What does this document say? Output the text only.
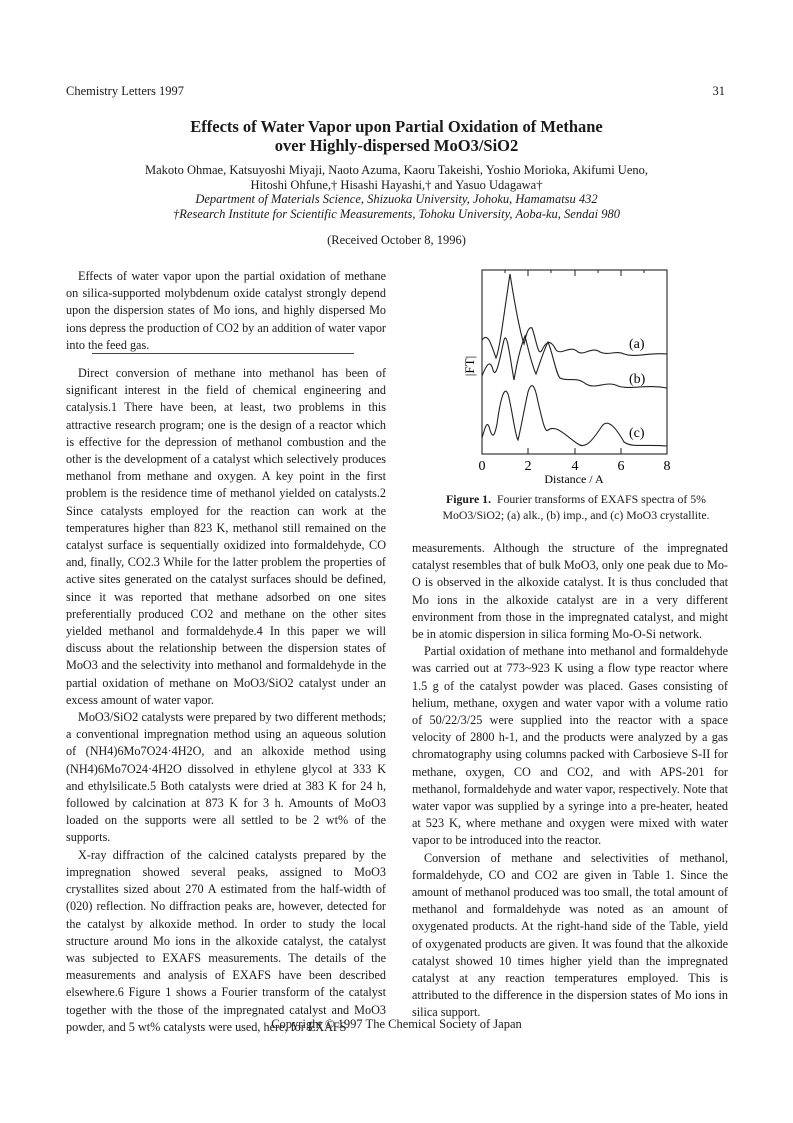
Chemistry Letters 1997	31
Effects of Water Vapor upon Partial Oxidation of Methane
over Highly-dispersed MoO3/SiO2
Makoto Ohmae, Katsuyoshi Miyaji, Naoto Azuma, Kaoru Takeishi, Yoshio Morioka, Akifumi Ueno,
Hitoshi Ohfune,† Hisashi Hayashi,† and Yasuo Udagawa†
Department of Materials Science, Shizuoka University, Johoku, Hamamatsu 432
†Research Institute for Scientific Measurements, Tohoku University, Aoba-ku, Sendai 980
(Received October 8, 1996)

Effects of water vapor upon the partial oxidation of methane on silica-supported molybdenum oxide catalyst strongly depend upon the dispersion states of Mo ions, and highly dispersed Mo ions depress the production of CO2 by an addition of water vapor into the feed gas.

Direct conversion of methane into methanol has been of significant interest in the field of chemical engineering and catalysis.1 There have been, at least, two problems in this attractive research program; one is the design of a reactor which is effective for the depression of methanol combustion and the other is the development of a catalyst which selectively produces methanol from methane and oxygen. A key point in the first problem is the residence time of methanol yielded on catalysts.2 Since catalysts employed for the reaction can work at the temperatures higher than 823 K, methanol still remained on the catalyst surface is sequentially oxidized into formaldehyde, CO and, finally, CO2.3 While for the latter problem the properties of active sites generated on the catalyst surfaces should be defined, since it was reported that methane adsorbed on one sites preferentially produced CO2 and methane on the other sites yielded methanol and formaldehyde.4 In this paper we will discuss about the relationship between the dispersion states of MoO3 and the selectivity into methanol and formaldehyde in the partial oxidation of methane on MoO3/SiO2 catalyst under an excess amount of water vapor.

MoO3/SiO2 catalysts were prepared by two different methods; a conventional impregnation method using an aqueous solution of (NH4)6Mo7O24·4H2O, and an alkoxide method using (NH4)6Mo7O24·4H2O dissolved in ethylene glycol at 333 K and ethylsilicate.5 Both catalysts were dried at 383 K for 24 h, followed by calcination at 873 K for 3 h. Amounts of MoO3 loaded on the supports were all settled to be 2 wt% of the supports.

X-ray diffraction of the calcined catalysts prepared by the impregnation showed several peaks, assigned to MoO3 crystallites sized about 270 A estimated from the half-width of (020) reflection. No diffraction peaks are, however, detected for the catalyst by alkoxide method. In order to study the local structure around Mo ions in the alkoxide catalyst, the catalyst was subjected to EXAFS measurements. The details of the measurements and analysis of EXAFS have been described elsewhere.6 Figure 1 shows a Fourier transform of the catalyst together with the those of the impregnated catalyst and MoO3 powder, and 5 wt% catalysts were used, here, for EXAFS

(a)
(b)
(c)
|FT|
0	2	4	6	8
Distance / A
Figure 1. Fourier transforms of EXAFS spectra of 5% MoO3/SiO2; (a) alk., (b) imp., and (c) MoO3 crystallite.

measurements. Although the structure of the impregnated catalyst resembles that of bulk MoO3, only one peak due to Mo-O is observed in the alkoxide catalyst. It is thus concluded that Mo ions in the alkoxide catalyst are in a very different environment from those in the impregnated catalyst, and might be in atomic dispersion in silica forming Mo-O-Si network.

Partial oxidation of methane into methanol and formaldehyde was carried out at 773~923 K using a flow type reactor where 1.5 g of the catalyst powder was placed. Gases consisting of helium, methane, oxygen and water vapor with a volume ratio of 50/22/3/25 were supplied into the reactor with a space velocity of 2800 h-1, and the products were analyzed by a gas chromatography using columns packed with Carbosieve S-II for methane, oxygen, CO and CO2, and with APS-201 for methanol, formaldehyde and water vapor, respectively. Note that water vapor was supplied by a syringe into a pre-heater, heated at 523 K, where methane and oxygen were mixed with water vapor to be introduced into the reactor.

Conversion of methane and selectivities of methanol, formaldehyde, CO and CO2 are given in Table 1. Since the amount of methanol produced was too small, the total amount of methanol and formaldehyde was noted as an amount of oxygenated products. At the right-hand side of the Table, yield of oxygenated products are given. It was found that the alkoxide catalyst showed 10 times higher yield than the impregnated catalyst at any reaction temperatures employed. This is attributed to the difference in the dispersion states of Mo ions in silica support.

Copyright © 1997 The Chemical Society of Japan
